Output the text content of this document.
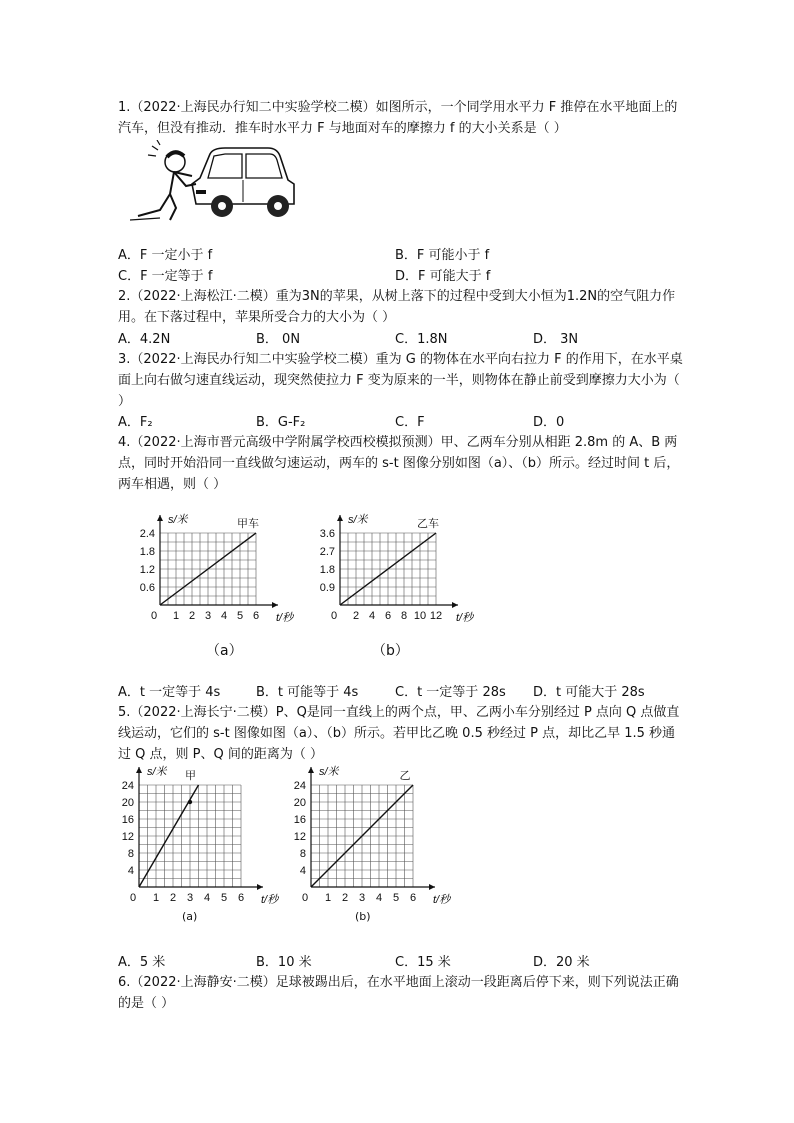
1.（2022·上海民办行知二中实验学校二模）如图所示，一个同学用水平力 F 推停在水平地面上的汽车，但没有推动．推车时水平力 F 与地面对车的摩擦力 f 的大小关系是（ ）
A．F 一定小于 f	B．F 可能小于 f
C．F 一定等于 f	D．F 可能大于 f
2.（2022·上海松江·二模）重为3N的苹果，从树上落下的过程中受到大小恒为1.2N的空气阻力作用。在下落过程中，苹果所受合力的大小为（ ）
A．4.2N	B． 0N	C．1.8N	D． 3N
3.（2022·上海民办行知二中实验学校二模）重为 G 的物体在水平向右拉力 F 的作用下，在水平桌面上向右做匀速直线运动，现突然使拉力 F 变为原来的一半，则物体在静止前受到摩擦力大小为（ ）
A．F₂	B．G-F₂	C．F	D．0
4.（2022·上海市晋元高级中学附属学校西校模拟预测）甲、乙两车分别从相距 2.8m 的 A、B 两点，同时开始沿同一直线做匀速运动，两车的 s-t 图像分别如图（a）、（b）所示。经过时间 t 后，两车相遇，则（ ）
0 1 2 3 4 5 6
0.6
1.2
1.8
2.4
t/秒
s/米	甲车
0 2 4 6 8 10 12
0.9
1.8
2.7
3.6
t/秒
s/米	乙车
（a）	（b）
A．t 一定等于 4s	B．t 可能等于 4s	C．t 一定等于 28s D．t 可能大于 28s
5.（2022·上海长宁·二模）P、Q是同一直线上的两个点，甲、乙两小车分别经过 P 点向 Q 点做直线运动，它们的 s-t 图像如图（a）、（b）所示。若甲比乙晚 0.5 秒经过 P 点，却比乙早 1.5 秒通过 Q 点，则 P、Q 间的距离为（ ）
0 1 2 3 4 5 6
4
8
12
16
20
24
t/秒
s/米 甲
0 1 2 3 4 5 6
4
8
12
16
20
24
t/秒
s/米	乙
(a)	(b)
A．5 米	B．10 米	C．15 米	D．20 米
6.（2022·上海静安·二模）足球被踢出后，在水平地面上滚动一段距离后停下来，则下列说法正确的是（ ）
